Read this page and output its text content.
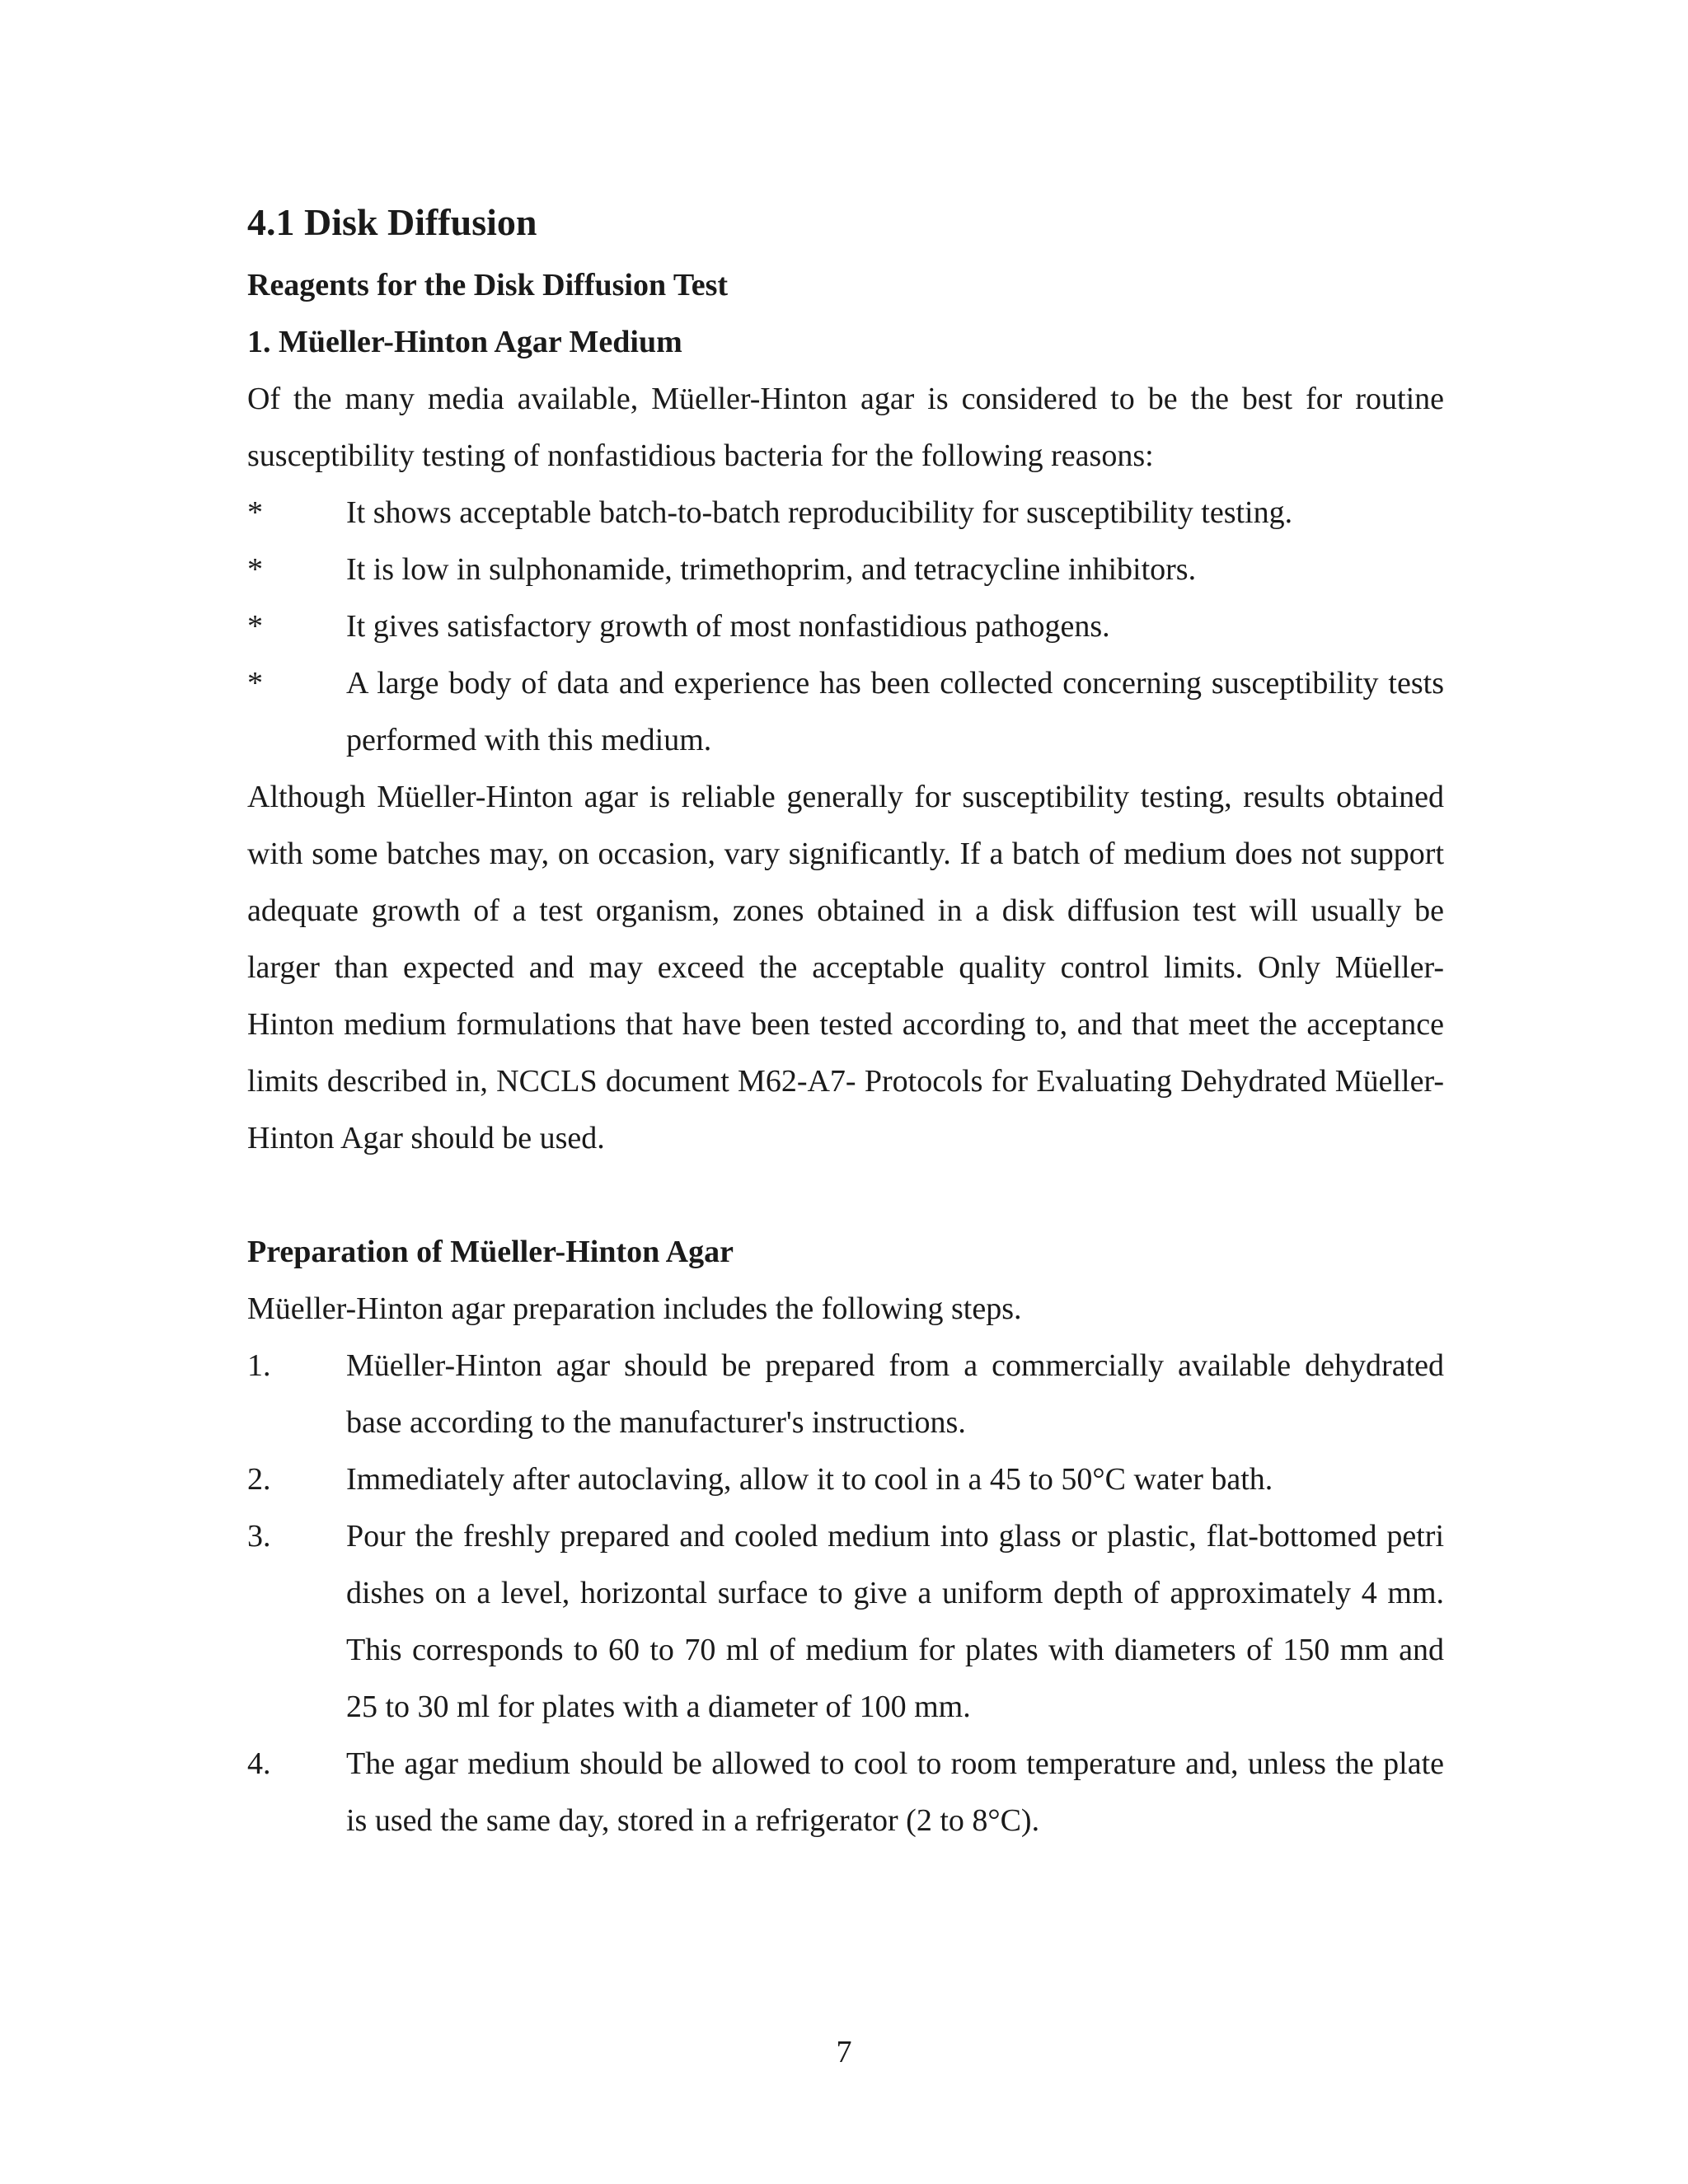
4.1 Disk Diffusion
Reagents for the Disk Diffusion Test
1. Müeller-Hinton Agar Medium

Of the many media available, Müeller-Hinton agar is considered to be the best for routine susceptibility testing of nonfastidious bacteria for the following reasons:

*	It shows acceptable batch-to-batch reproducibility for susceptibility testing.
*	It is low in sulphonamide, trimethoprim, and tetracycline inhibitors.
*	It gives satisfactory growth of most nonfastidious pathogens.
*	A large body of data and experience has been collected concerning susceptibility tests performed with this medium.

Although Müeller-Hinton agar is reliable generally for susceptibility testing, results obtained with some batches may, on occasion, vary significantly. If a batch of medium does not support adequate growth of a test organism, zones obtained in a disk diffusion test will usually be larger than expected and may exceed the acceptable quality control limits. Only Müeller-Hinton medium formulations that have been tested according to, and that meet the acceptance limits described in, NCCLS document M62-A7- Protocols for Evaluating Dehydrated Müeller-Hinton Agar should be used.

Preparation of Müeller-Hinton Agar

Müeller-Hinton agar preparation includes the following steps.

1. Müeller-Hinton agar should be prepared from a commercially available dehydrated base according to the manufacturer's instructions.
2. Immediately after autoclaving, allow it to cool in a 45 to 50°C water bath.
3. Pour the freshly prepared and cooled medium into glass or plastic, flat-bottomed petri dishes on a level, horizontal surface to give a uniform depth of approximately 4 mm. This corresponds to 60 to 70 ml of medium for plates with diameters of 150 mm and 25 to 30 ml for plates with a diameter of 100 mm.
4. The agar medium should be allowed to cool to room temperature and, unless the plate is used the same day, stored in a refrigerator (2 to 8°C).
7
